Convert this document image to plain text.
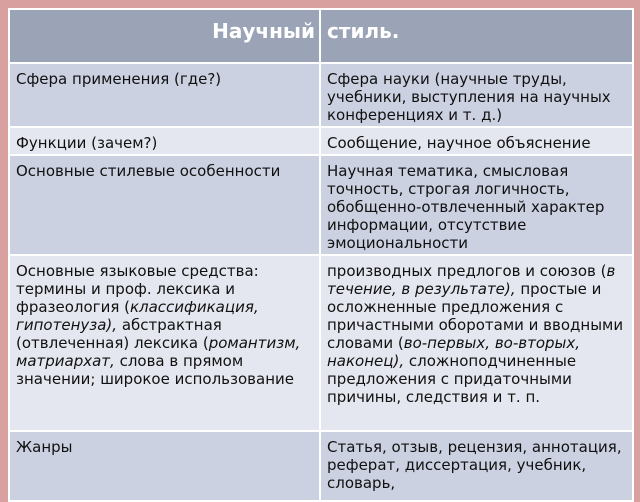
Научный	стиль.
Сфера применения (где?)	Сфера науки (научные труды, учебники, выступления на научных конференциях и т. д.)
Функции (зачем?)	Сообщение, научное объяснение
Основные стилевые особенности	Научная тематика, смысловая точность, строгая логичность, обобщенно-отвлеченный характер информации, отсутствие эмоциональности
Основные языковые средства: термины и проф. лексика и фразеология (классификация, гипотенуза), абстрактная (отвлеченная) лексика (романтизм, матриархат, слова в прямом значении; широкое использование	производных предлогов и союзов (в течение, в результате), простые и осложненные предложения с причастными оборотами и вводными словами (во-первых, во-вторых, наконец), сложноподчиненные предложения с придаточными причины, следствия и т. п.
Жанры	Статья, отзыв, рецензия, аннотация, реферат, диссертация, учебник, словарь,
